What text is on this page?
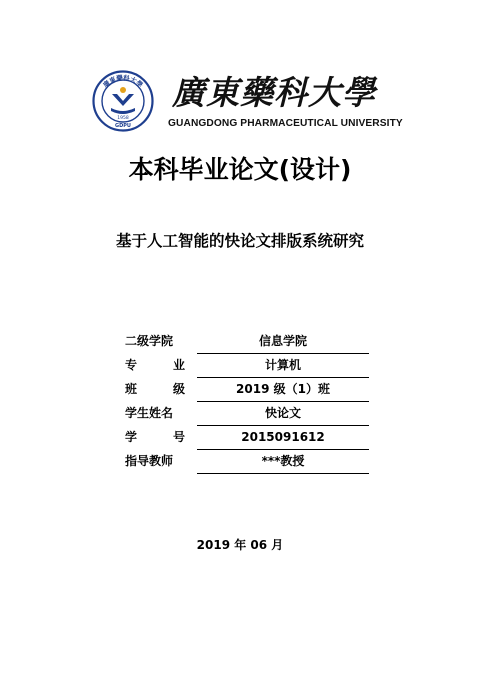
廣東藥科大學
1958
GDPU
廣東藥科大學
GUANGDONG PHARMACEUTICAL UNIVERSITY
本科毕业论文(设计)
基于人工智能的快论文排版系统研究
二级学院	信息学院
专	业	计算机
班	级	2019 级（1）班
学生姓名	快论文
学	号	2015091612
指导教师	***教授
2019 年 06 月
